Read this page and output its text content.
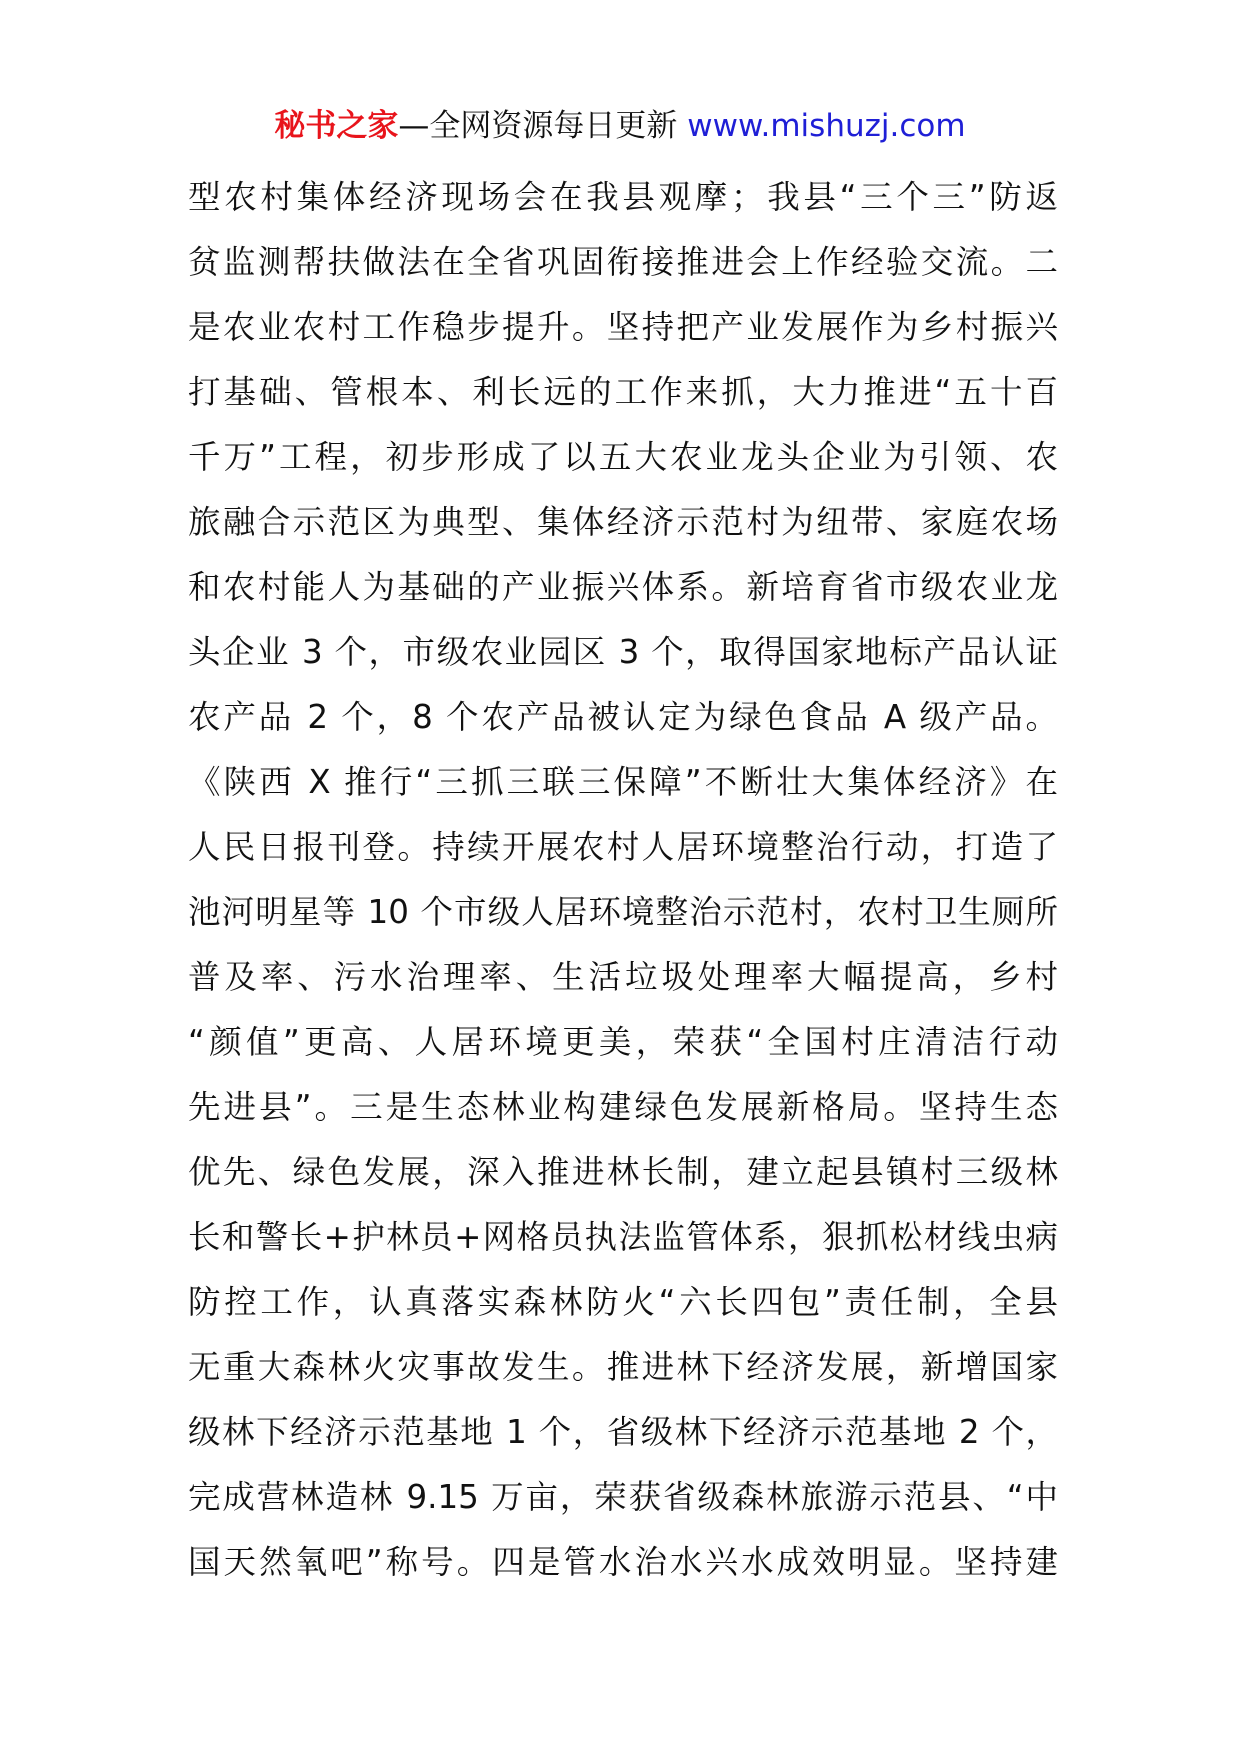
秘书之家—全网资源每日更新 www.mishuzj.com
型农村集体经济现场会在我县观摩；我县“三个三”防返
贫监测帮扶做法在全省巩固衔接推进会上作经验交流。二
是农业农村工作稳步提升。坚持把产业发展作为乡村振兴
打基础、管根本、利长远的工作来抓，大力推进“五十百
千万”工程，初步形成了以五大农业龙头企业为引领、农
旅融合示范区为典型、集体经济示范村为纽带、家庭农场
和农村能人为基础的产业振兴体系。新培育省市级农业龙
头企业 3 个，市级农业园区 3 个，取得国家地标产品认证
农产品 2 个，8 个农产品被认定为绿色食品 A 级产品。
《陕西 X 推行“三抓三联三保障”不断壮大集体经济》在
人民日报刊登。持续开展农村人居环境整治行动，打造了
池河明星等 10 个市级人居环境整治示范村，农村卫生厕所
普及率、污水治理率、生活垃圾处理率大幅提高，乡村
“颜值”更高、人居环境更美，荣获“全国村庄清洁行动
先进县”。三是生态林业构建绿色发展新格局。坚持生态
优先、绿色发展，深入推进林长制，建立起县镇村三级林
长和警长+护林员+网格员执法监管体系，狠抓松材线虫病
防控工作，认真落实森林防火“六长四包”责任制，全县
无重大森林火灾事故发生。推进林下经济发展，新增国家
级林下经济示范基地 1 个，省级林下经济示范基地 2 个，
完成营林造林 9.15 万亩，荣获省级森林旅游示范县、“中
国天然氧吧”称号。四是管水治水兴水成效明显。坚持建
